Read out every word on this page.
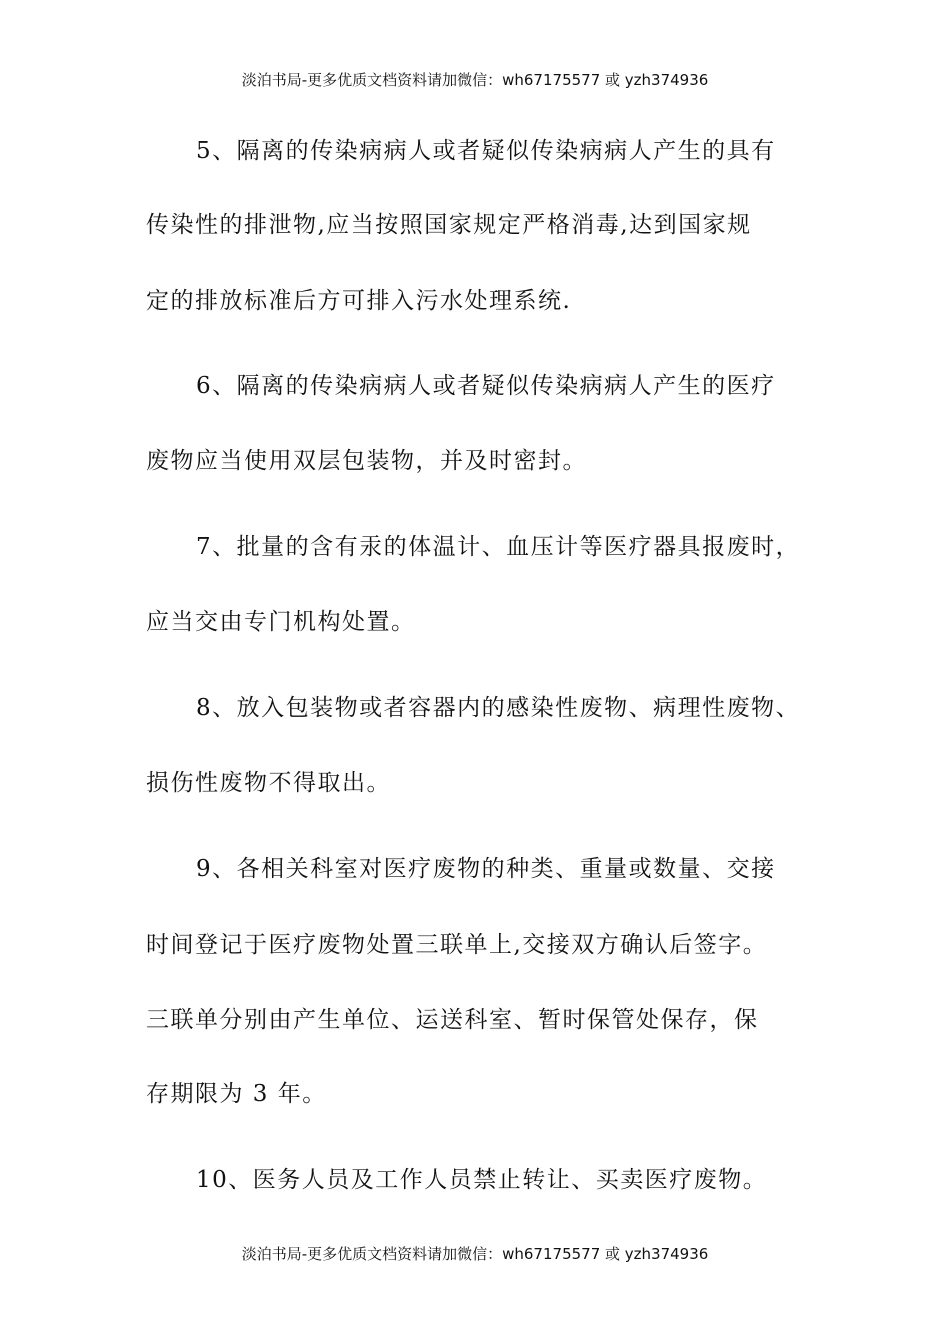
淡泊书局-更多优质文档资料请加微信：wh67175577 或 yzh374936
5、隔离的传染病病人或者疑似传染病病人产生的具有
传染性的排泄物,应当按照国家规定严格消毒,达到国家规
定的排放标准后方可排入污水处理系统.
6、隔离的传染病病人或者疑似传染病病人产生的医疗
废物应当使用双层包装物，并及时密封。
7、批量的含有汞的体温计、血压计等医疗器具报废时，
应当交由专门机构处置。
8、放入包装物或者容器内的感染性废物、病理性废物、
损伤性废物不得取出。
9、各相关科室对医疗废物的种类、重量或数量、交接
时间登记于医疗废物处置三联单上,交接双方确认后签字。
三联单分别由产生单位、运送科室、暂时保管处保存，保
存期限为 3 年。
10、医务人员及工作人员禁止转让、买卖医疗废物。
淡泊书局-更多优质文档资料请加微信：wh67175577 或 yzh374936
